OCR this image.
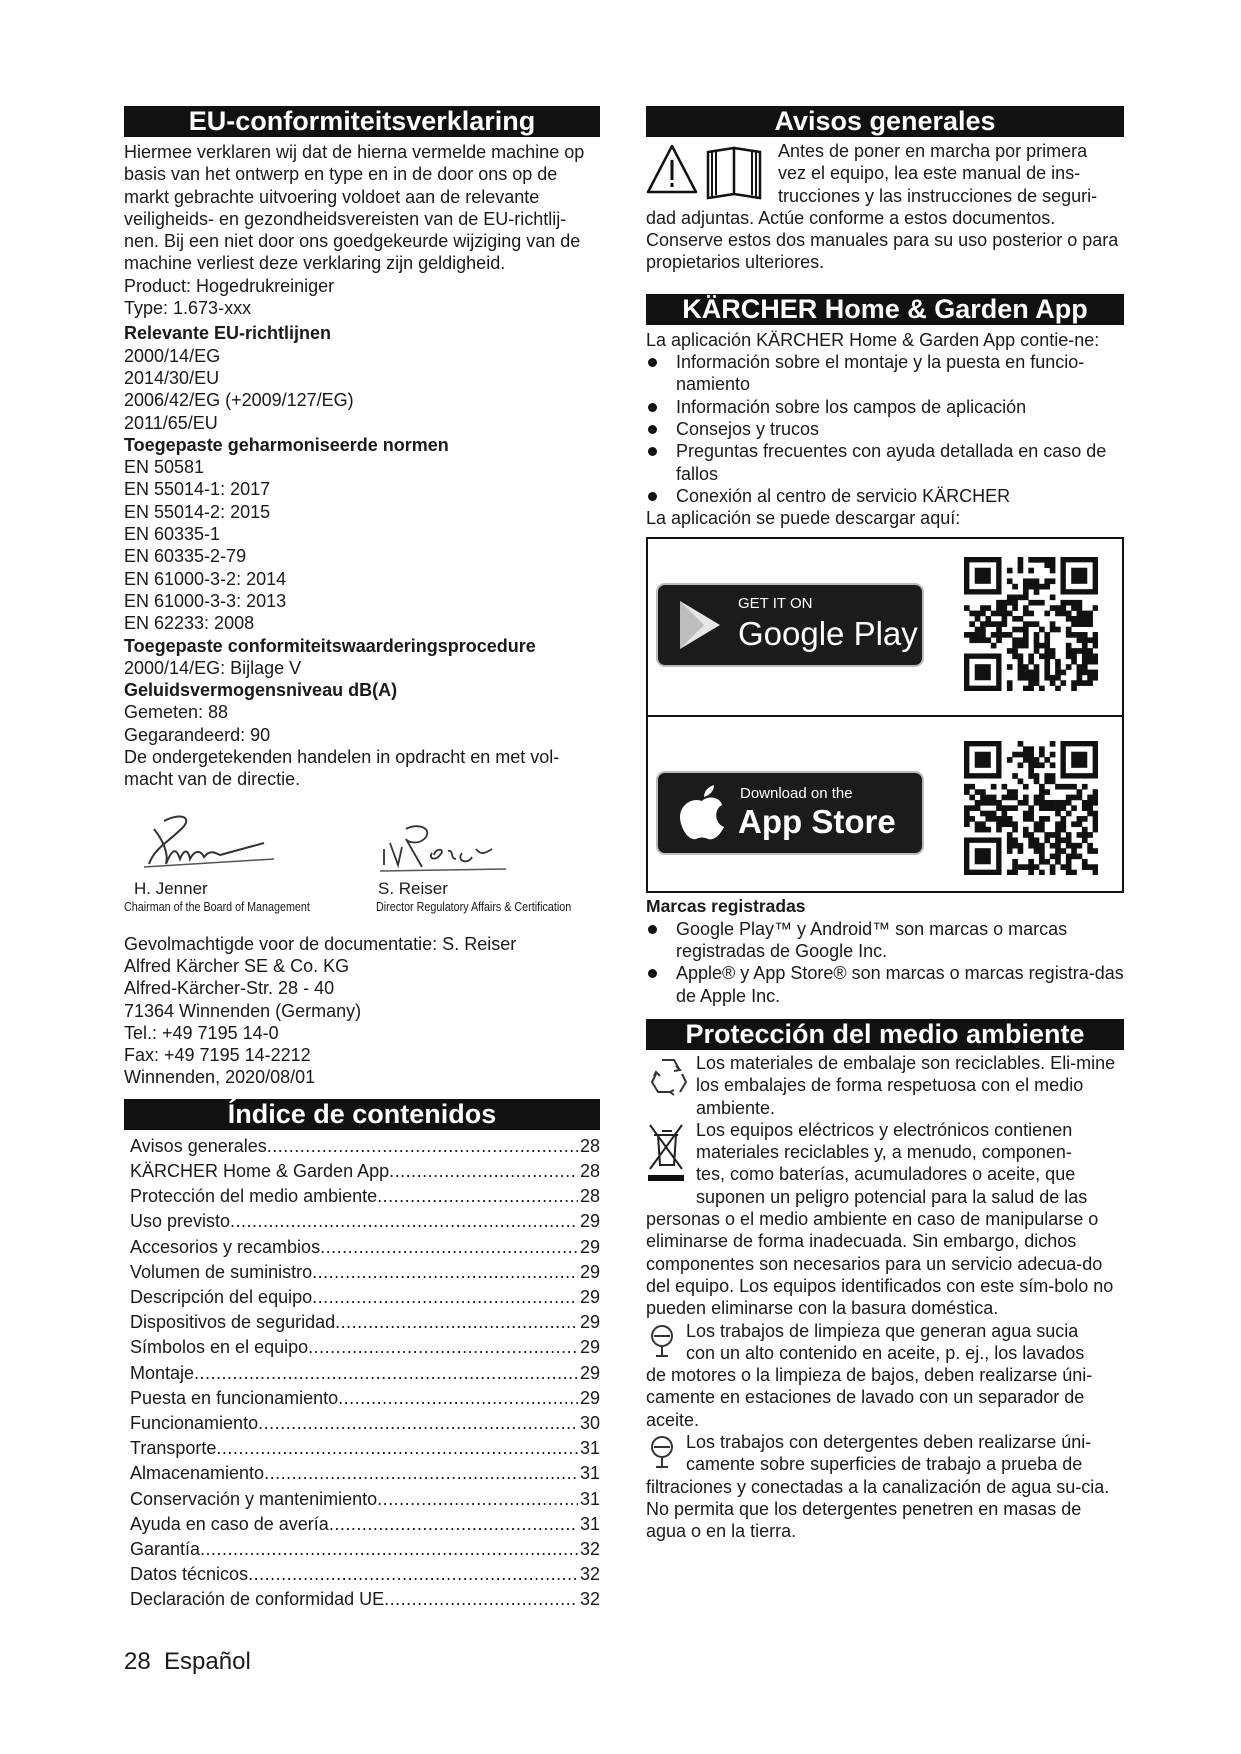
EU-conformiteitsverklaring

Hiermee verklaren wij dat de hierna vermelde machine op basis van het ontwerp en type en in de door ons op de markt gebrachte uitvoering voldoet aan de relevante veiligheids- en gezondheidsvereisten van de EU-richtlij-nen. Bij een niet door ons goedgekeurde wijziging van de machine verliest deze verklaring zijn geldigheid.

Product: Hogedrukreiniger

Type: 1.673-xxx

Relevante EU-richtlijnen

2000/14/EG

2014/30/EU

2006/42/EG (+2009/127/EG)

2011/65/EU

Toegepaste geharmoniseerde normen

EN 50581

EN 55014-1: 2017

EN 55014-2: 2015

EN 60335-1

EN 60335-2-79

EN 61000-3-2: 2014

EN 61000-3-3: 2013

EN 62233: 2008

Toegepaste conformiteitswaarderingsprocedure

2000/14/EG: Bijlage V

Geluidsvermogensniveau dB(A)

Gemeten: 88

Gegarandeerd: 90

De ondergetekenden handelen in opdracht en met vol-macht van de directie.

H. Jenner
Chairman of the Board of Management
S. Reiser
Director Regulatory Affairs & Certification

Gevolmachtigde voor de documentatie: S. Reiser

Alfred Kärcher SE & Co. KG

Alfred-Kärcher-Str. 28 - 40

71364 Winnenden (Germany)

Tel.: +49 7195 14-0

Fax: +49 7195 14-2212

Winnenden, 2020/08/01

Índice de contenidos
Avisos generales .....	28
KÄRCHER Home & Garden App .....	28
Protección del medio ambiente .....	28
Uso previsto .....	29
Accesorios y recambios .....	29
Volumen de suministro .....	29
Descripción del equipo .....	29
Dispositivos de seguridad .....	29
Símbolos en el equipo .....	29
Montaje .....	29
Puesta en funcionamiento .....	29
Funcionamiento .....	30
Transporte .....	31
Almacenamiento .....	31
Conservación y mantenimiento .....	31
Ayuda en caso de avería .....	31
Garantía .....	32
Datos técnicos .....	32
Declaración de conformidad UE .....	32
Avisos generales

Antes de poner en marcha por primera

vez el equipo, lea este manual de ins-

trucciones y las instrucciones de seguri-

dad adjuntas. Actúe conforme a estos documentos. Conserve estos dos manuales para su uso posterior o para propietarios ulteriores.

KÄRCHER Home & Garden App

La aplicación KÄRCHER Home & Garden App contie-ne:

Información sobre el montaje y la puesta en funcio-namiento
Información sobre los campos de aplicación
Consejos y trucos
Preguntas frecuentes con ayuda detallada en caso de fallos
Conexión al centro de servicio KÄRCHER

La aplicación se puede descargar aquí:

GET IT ON
Google Play
Download on the
App Store

Marcas registradas

Google Play™ y Android™ son marcas o marcas registradas de Google Inc.
Apple® y App Store® son marcas o marcas registra-das de Apple Inc.
Protección del medio ambiente

Los materiales de embalaje son reciclables. Eli-mine los embalajes de forma respetuosa con el medio ambiente.

Los equipos eléctricos y electrónicos contienen

materiales reciclables y, a menudo, componen-

tes, como baterías, acumuladores o aceite, que

suponen un peligro potencial para la salud de las

personas o el medio ambiente en caso de manipularse o eliminarse de forma inadecuada. Sin embargo, dichos componentes son necesarios para un servicio adecua-do del equipo. Los equipos identificados con este sím-bolo no pueden eliminarse con la basura doméstica.

Los trabajos de limpieza que generan agua sucia

con un alto contenido en aceite, p. ej., los lavados

de motores o la limpieza de bajos, deben realizarse úni-camente en estaciones de lavado con un separador de aceite.

Los trabajos con detergentes deben realizarse úni-

camente sobre superficies de trabajo a prueba de

filtraciones y conectadas a la canalización de agua su-cia. No permita que los detergentes penetren en masas de agua o en la tierra.

28 Español
